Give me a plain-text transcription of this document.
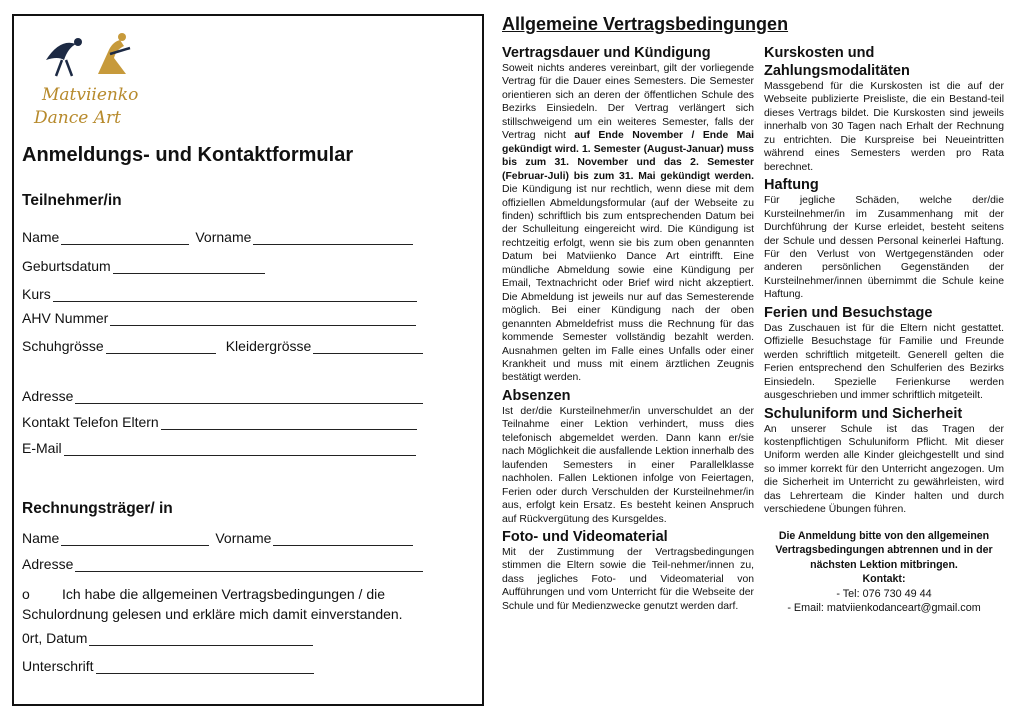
Matviienko
Dance Art
Anmeldungs- und Kontaktformular
Teilnehmer/in
Name	Vorname
Geburtsdatum
Kurs
AHV Nummer
Schuhgrösse	Kleidergrösse
Adresse
Kontakt Telefon Eltern
E-Mail
Rechnungsträger/ in
Name	Vorname
Adresse
o Ich habe die allgemeinen Vertragsbedingungen / die Schulordnung gelesen und erkläre mich damit einverstanden.
0rt, Datum
Unterschrift
Allgemeine Vertragsbedingungen
Vertragsdauer und Kündigung

Soweit nichts anderes vereinbart, gilt der vorliegende Vertrag für die Dauer eines Semesters. Die Semester orientieren sich an deren der öffentlichen Schule des Bezirks Einsiedeln. Der Vertrag verlängert sich stillschweigend um ein weiteres Semester, falls der Vertrag nicht auf Ende November / Ende Mai gekündigt wird. 1. Semester (August-Januar) muss bis zum 31. November und das 2. Semester (Februar-Juli) bis zum 31. Mai gekündigt werden. Die Kündigung ist nur rechtlich, wenn diese mit dem offiziellen Abmeldungsformular (auf der Webseite zu finden) schriftlich bis zum entsprechenden Datum bei der Schulleitung eingereicht wird. Die Kündigung ist rechtzeitig erfolgt, wenn sie bis zum oben genannten Datum bei Matviienko Dance Art eintrifft. Eine mündliche Abmeldung sowie eine Kündigung per Email, Textnachricht oder Brief wird nicht akzeptiert. Die Abmeldung ist jeweils nur auf das Semesterende möglich. Bei einer Kündigung nach der oben genannten Abmeldefrist muss die Rechnung für das kommende Semester vollständig bezahlt werden. Ausnahmen gelten im Falle eines Unfalls oder einer Krankheit und muss mit einem ärztlichen Zeugnis bestätigt werden.

Absenzen

Ist der/die Kursteilnehmer/in unverschuldet an der Teilnahme einer Lektion verhindert, muss dies telefonisch abgemeldet werden. Dann kann er/sie nach Möglichkeit die ausfallende Lektion innerhalb des laufenden Semesters in einer Parallelklasse nachholen. Fallen Lektionen infolge von Feiertagen, Ferien oder durch Verschulden der Kursteilnehmer/in aus, erfolgt kein Ersatz. Es besteht keinen Anspruch auf Rückvergütung des Kursgeldes.

Foto- und Videomaterial

Mit der Zustimmung der Vertragsbedingungen stimmen die Eltern sowie die Teil-nehmer/innen zu, dass jegliches Foto- und Videomaterial von Aufführungen und vom Unterricht für die Webseite der Schule und für Medienzwecke genutzt werden darf.

Kurskosten und Zahlungsmodalitäten

Massgebend für die Kurskosten ist die auf der Webseite publizierte Preisliste, die ein Bestand-teil dieses Vertrags bildet. Die Kurskosten sind jeweils innerhalb von 30 Tagen nach Erhalt der Rechnung zu entrichten. Die Kurspreise bei Neueintritten während eines Semesters werden pro Rata berechnet.

Haftung

Für jegliche Schäden, welche der/die Kursteilnehmer/in im Zusammenhang mit der Durchführung der Kurse erleidet, besteht seitens der Schule und dessen Personal keinerlei Haftung. Für den Verlust von Wertgegenständen oder anderen persönlichen Gegenständen der Kursteilnehmer/innen übernimmt die Schule keine Haftung.

Ferien und Besuchstage

Das Zuschauen ist für die Eltern nicht gestattet. Offizielle Besuchstage für Familie und Freunde werden schriftlich mitgeteilt. Generell gelten die Ferien entsprechend den Schulferien des Bezirks Einsiedeln. Spezielle Ferienkurse werden ausgeschrieben und immer schriftlich mitgeteilt.

Schuluniform und Sicherheit

An unserer Schule ist das Tragen der kostenpflichtigen Schuluniform Pflicht. Mit dieser Uniform werden alle Kinder gleichgestellt und sind so immer korrekt für den Unterricht angezogen. Um die Sicherheit im Unterricht zu gewährleisten, wird das Lehrerteam die Kinder halten und durch verschiedene Übungen führen.

Die Anmeldung bitte von den allgemeinen Vertragsbedingungen abtrennen und in der nächsten Lektion mitbringen.
Kontakt:
- Tel: 076 730 49 44
- Email: matviienkodanceart@gmail.com
